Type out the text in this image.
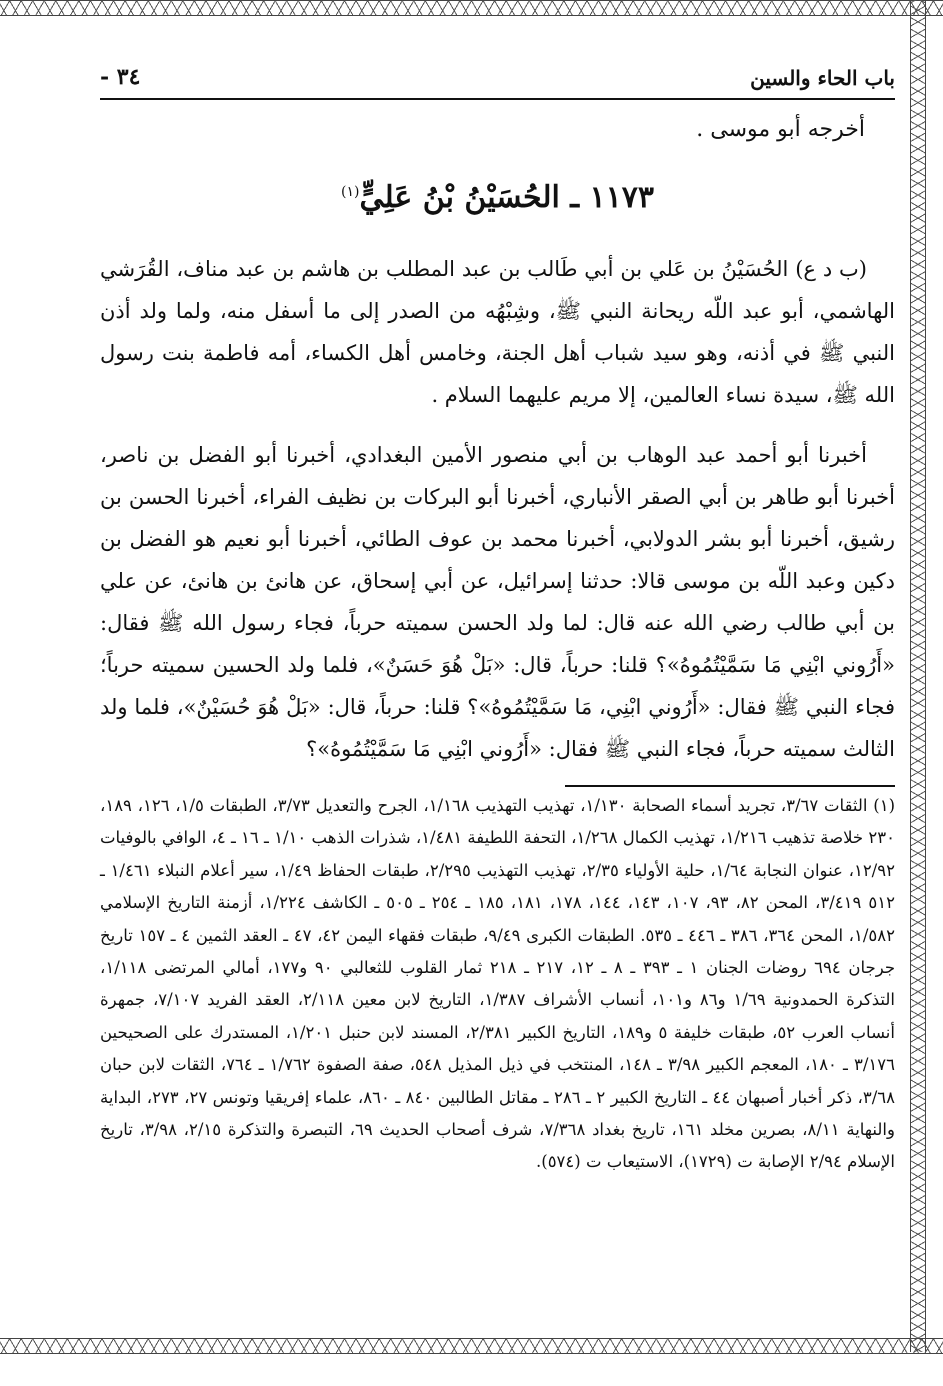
باب الحاء والسين
- ٣٤
أخرجه أبو موسى .
١١٧٣ ـ الحُسَيْنُ بْنُ عَلِيٍّ$^{(١)}$
(ب د ع) الحُسَيْنُ بن عَلي بن أبي طَالب بن عبد المطلب بن هاشم بن عبد مناف، القُرَشي الهاشمي، أبو عبد اللّه ريحانة النبي ﷺ، وشِبْهُه من الصدر إلى ما أسفل منه، ولما ولد أذن النبي ﷺ في أذنه، وهو سيد شباب أهل الجنة، وخامس أهل الكساء، أمه فاطمة بنت رسول الله ﷺ، سيدة نساء العالمين، إلا مريم عليهما السلام .
أخبرنا أبو أحمد عبد الوهاب بن أبي منصور الأمين البغدادي، أخبرنا أبو الفضل بن ناصر، أخبرنا أبو طاهر بن أبي الصقر الأنباري، أخبرنا أبو البركات بن نظيف الفراء، أخبرنا الحسن بن رشيق، أخبرنا أبو بشر الدولابي، أخبرنا محمد بن عوف الطائي، أخبرنا أبو نعيم هو الفضل بن دكين وعبد اللّه بن موسى قالا: حدثنا إسرائيل، عن أبي إسحاق، عن هانئ بن هانئ، عن علي بن أبي طالب رضي الله عنه قال: لما ولد الحسن سميته حرباً، فجاء رسول الله ﷺ فقال: «أَرُوني ابْنِي مَا سَمَّيْتُمُوهُ»؟ قلنا: حرباً، قال: «بَلْ هُوَ حَسَنٌ»، فلما ولد الحسين سميته حرباً؛ فجاء النبي ﷺ فقال: «أَرُوني ابْنِي، مَا سَمَّيْتُمُوهُ»؟ قلنا: حرباً، قال: «بَلْ هُوَ حُسَيْنٌ»، فلما ولد الثالث سميته حرباً، فجاء النبي ﷺ فقال: «أَرُوني ابْنِي مَا سَمَّيْتُمُوهُ»؟
(١) الثقات ٣/٦٧، تجريد أسماء الصحابة ١/١٣٠، تهذيب التهذيب ١/١٦٨، الجرح والتعديل ٣/٧٣، الطبقات ١/٥، ١٢٦، ١٨٩، ٢٣٠ خلاصة تذهيب ١/٢١٦، تهذيب الكمال ١/٢٦٨، التحفة اللطيفة ١/٤٨١، شذرات الذهب ١/١٠ ـ ١٦ ـ ٤، الوافي بالوفيات ١٢/٩٢، عنوان النجابة ١/٦٤، حلية الأولياء ٢/٣٥، تهذيب التهذيب ٢/٢٩٥، طبقات الحفاظ ١/٤٩، سير أعلام النبلاء ١/٤٦١ ـ ٥١٢ ٣/٤١٩، المحن ٨٢، ٩٣، ١٠٧، ١٤٣، ١٤٤، ١٧٨، ١٨١، ١٨٥ ـ ٢٥٤ ـ ٥٠٥ ـ الكاشف ١/٢٢٤، أزمنة التاريخ الإسلامي ١/٥٨٢، المحن ٣٦٤، ٣٨٦ ـ ٤٤٦ ـ ٥٣٥. الطبقات الكبرى ٩/٤٩، طبقات فقهاء اليمن ٤٢، ٤٧ ـ العقد الثمين ٤ ـ ١٥٧ تاريخ جرجان ٦٩٤ روضات الجنان ١ ـ ٣٩٣ ـ ٨ ـ ١٢، ٢١٧ ـ ٢١٨ ثمار القلوب للثعالبي ٩٠ و١٧٧، أمالي المرتضى ١/١١٨، التذكرة الحمدونية ١/٦٩ و٨٦ و١٠١، أنساب الأشراف ١/٣٨٧، التاريخ لابن معين ٢/١١٨، العقد الفريد ٧/١٠٧، جمهرة أنساب العرب ٥٢، طبقات خليفة ٥ و١٨٩، التاريخ الكبير ٢/٣٨١، المسند لابن حنبل ١/٢٠١، المستدرك على الصحيحين ٣/١٧٦ ـ ١٨٠، المعجم الكبير ٣/٩٨ ـ ١٤٨، المنتخب في ذيل المذيل ٥٤٨، صفة الصفوة ١/٧٦٢ ـ ٧٦٤، الثقات لابن حبان ٣/٦٨، ذكر أخبار أصبهان ٤٤ ـ التاريخ الكبير ٢ ـ ٢٨٦ ـ مقاتل الطالبين ٨٤٠ ـ ٨٦٠، علماء إفريقيا وتونس ٢٧، ٢٧٣، البداية والنهاية ٨/١١، بصرين مخلد ١٦١، تاريخ بغداد ٧/٣٦٨، شرف أصحاب الحديث ٦٩، التبصرة والتذكرة ٢/١٥، ٣/٩٨، تاريخ الإسلام ٢/٩٤ الإصابة ت (١٧٢٩)، الاستيعاب ت (٥٧٤).
